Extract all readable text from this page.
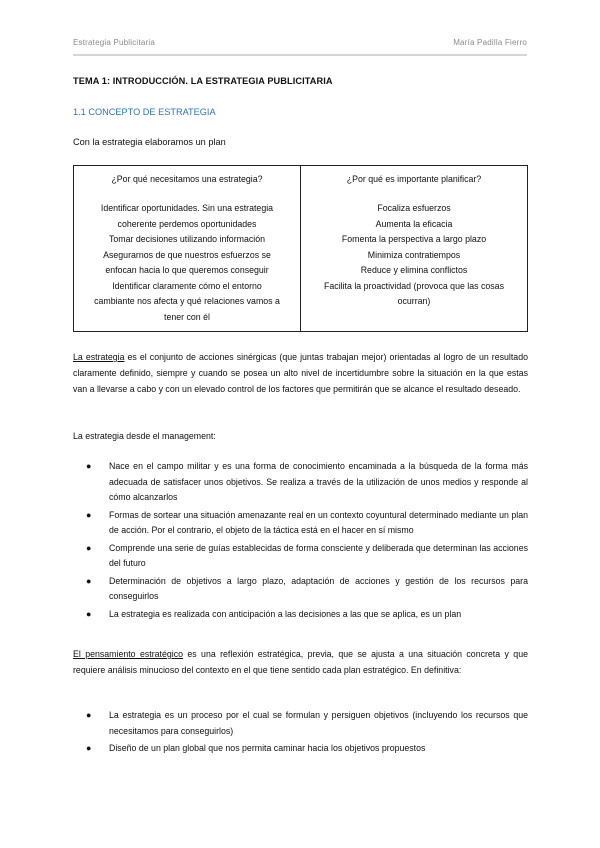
Estrategia Publicitaria	María Padilla Fierro
TEMA 1: INTRODUCCIÓN. LA ESTRATEGIA PUBLICITARIA
1.1 CONCEPTO DE ESTRATEGIA
Con la estrategia elaboramos un plan
¿Por qué necesitamos una estrategia?
Identificar oportunidades. Sin una estrategia
coherente perdemos oportunidades
Tomar decisiones utilizando información
Asegurarnos de que nuestros esfuerzos se
enfocan hacia lo que queremos conseguir
Identificar claramente cómo el entorno
cambiante nos afecta y qué relaciones vamos a
tener con él

¿Por qué es importante planificar?
Focaliza esfuerzos
Aumenta la eficacia
Fomenta la perspectiva a largo plazo
Minimiza contratiempos
Reduce y elimina conflictos
Facilita la proactividad (provoca que las cosas
ocurran)
La estrategia es el conjunto de acciones sinérgicas (que juntas trabajan mejor) orientadas al logro de un resultado claramente definido, siempre y cuando se posea un alto nivel de incertidumbre sobre la situación en la que estas van a llevarse a cabo y con un elevado control de los factores que permitirán que se alcance el resultado deseado.
La estrategia desde el management:
● Nace en el campo militar y es una forma de conocimiento encaminada a la búsqueda de la forma más adecuada de satisfacer unos objetivos. Se realiza a través de la utilización de unos medios y responde al cómo alcanzarlos
● Formas de sortear una situación amenazante real en un contexto coyuntural determinado mediante un plan de acción. Por el contrario, el objeto de la táctica está en el hacer en sí mismo
● Comprende una serie de guías establecidas de forma consciente y deliberada que determinan las acciones del futuro
● Determinación de objetivos a largo plazo, adaptación de acciones y gestión de los recursos para conseguirlos
● La estrategia es realizada con anticipación a las decisiones a las que se aplica, es un plan
El pensamiento estratégico es una reflexión estratégica, previa, que se ajusta a una situación concreta y que requiere análisis minucioso del contexto en el que tiene sentido cada plan estratégico. En definitiva:
● La estrategia es un proceso por el cual se formulan y persiguen objetivos (incluyendo los recursos que necesitamos para conseguirlos)
● Diseño de un plan global que nos permita caminar hacia los objetivos propuestos
